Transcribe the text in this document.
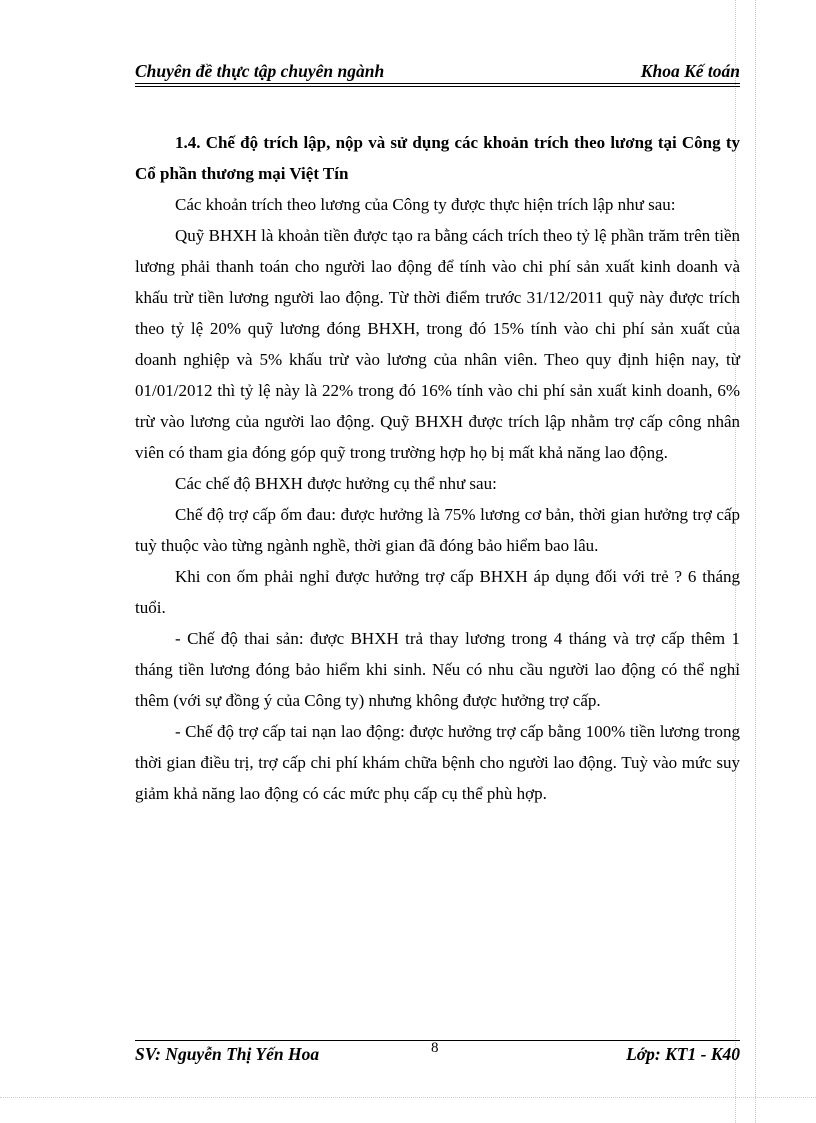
Chuyên đề thực tập chuyên ngành	Khoa Kế toán

1.4. Chế độ trích lập, nộp và sử dụng các khoản trích theo lương tại Công ty Cổ phần thương mại Việt Tín

Các khoản trích theo lương của Công ty được thực hiện trích lập như sau:

Quỹ BHXH là khoản tiền được tạo ra bằng cách trích theo tỷ lệ phần trăm trên tiền lương phải thanh toán cho người lao động để tính vào chi phí sản xuất kinh doanh và khấu trừ tiền lương người lao động. Từ thời điểm trước 31/12/2011 quỹ này được trích theo tỷ lệ 20% quỹ lương đóng BHXH, trong đó 15% tính vào chi phí sản xuất của doanh nghiệp và 5% khấu trừ vào lương của nhân viên. Theo quy định hiện nay, từ 01/01/2012 thì tỷ lệ này là 22% trong đó 16% tính vào chi phí sản xuất kinh doanh, 6% trừ vào lương của người lao động. Quỹ BHXH được trích lập nhằm trợ cấp công nhân viên có tham gia đóng góp quỹ trong trường hợp họ bị mất khả năng lao động.

Các chế độ BHXH được hưởng cụ thể như sau:

Chế độ trợ cấp ốm đau: được hưởng là 75% lương cơ bản, thời gian hưởng trợ cấp tuỳ thuộc vào từng ngành nghề, thời gian đã đóng bảo hiểm bao lâu.

Khi con ốm phải nghỉ được hưởng trợ cấp BHXH áp dụng đối với trẻ ? 6 tháng tuổi.

- Chế độ thai sản: được BHXH trả thay lương trong 4 tháng và trợ cấp thêm 1 tháng tiền lương đóng bảo hiểm khi sinh. Nếu có nhu cầu người lao động có thể nghỉ thêm (với sự đồng ý của Công ty) nhưng không được hưởng trợ cấp.

- Chế độ trợ cấp tai nạn lao động: được hưởng trợ cấp bằng 100% tiền lương trong thời gian điều trị, trợ cấp chi phí khám chữa bệnh cho người lao động. Tuỳ vào mức suy giảm khả năng lao động có các mức phụ cấp cụ thể phù hợp.

SV: Nguyễn Thị Yến Hoa	8	Lớp: KT1 - K40
